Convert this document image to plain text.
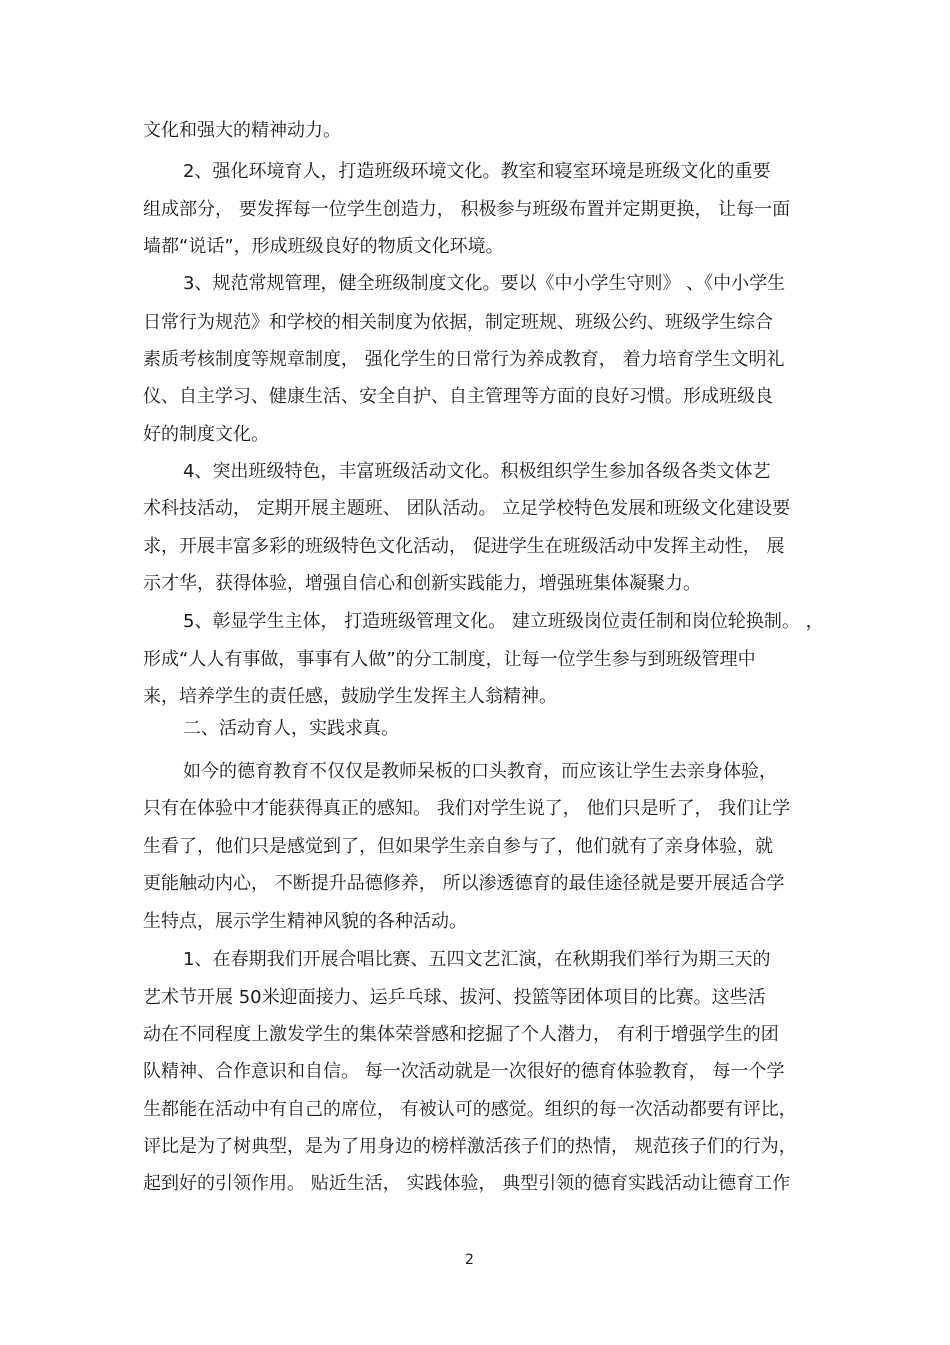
文化和强大的精神动力。
2、强化环境育人，打造班级环境文化。教室和寝室环境是班级文化的重要
组成部分， 要发挥每一位学生创造力， 积极参与班级布置并定期更换， 让每一面
墙都“说话”，形成班级良好的物质文化环境。
3、规范常规管理，健全班级制度文化。要以《中小学生守则》 、《中小学生
日常行为规范》和学校的相关制度为依据，制定班规、班级公约、班级学生综合
素质考核制度等规章制度， 强化学生的日常行为养成教育， 着力培育学生文明礼
仪、自主学习、健康生活、安全自护、自主管理等方面的良好习惯。形成班级良
好的制度文化。
4、突出班级特色，丰富班级活动文化。积极组织学生参加各级各类文体艺
术科技活动， 定期开展主题班、 团队活动。 立足学校特色发展和班级文化建设要
求，开展丰富多彩的班级特色文化活动， 促进学生在班级活动中发挥主动性， 展
示才华，获得体验，增强自信心和创新实践能力，增强班集体凝聚力。
5、彰显学生主体， 打造班级管理文化。 建立班级岗位责任制和岗位轮换制。 ，
形成“人人有事做，事事有人做”的分工制度，让每一位学生参与到班级管理中
来，培养学生的责任感，鼓励学生发挥主人翁精神。
二、活动育人，实践求真。
如今的德育教育不仅仅是教师呆板的口头教育，而应该让学生去亲身体验，
只有在体验中才能获得真正的感知。 我们对学生说了， 他们只是听了， 我们让学
生看了，他们只是感觉到了，但如果学生亲自参与了，他们就有了亲身体验，就
更能触动内心， 不断提升品德修养， 所以渗透德育的最佳途径就是要开展适合学
生特点，展示学生精神风貌的各种活动。
1、在春期我们开展合唱比赛、五四文艺汇演，在秋期我们举行为期三天的
艺术节开展 50米迎面接力、运乒乓球、拔河、投篮等团体项目的比赛。这些活
动在不同程度上激发学生的集体荣誉感和挖掘了个人潜力， 有利于增强学生的团
队精神、合作意识和自信。 每一次活动就是一次很好的德育体验教育， 每一个学
生都能在活动中有自己的席位， 有被认可的感觉。组织的每一次活动都要有评比，
评比是为了树典型，是为了用身边的榜样激活孩子们的热情， 规范孩子们的行为，
起到好的引领作用。 贴近生活， 实践体验， 典型引领的德育实践活动让德育工作
2
